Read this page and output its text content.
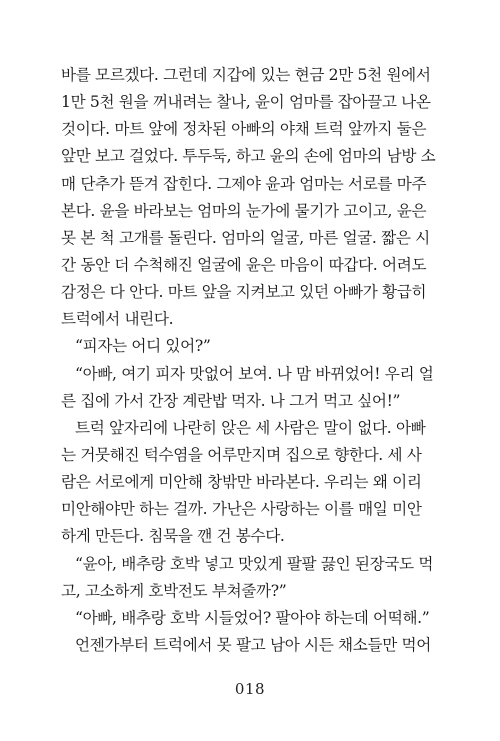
바를 모르겠다. 그런데 지갑에 있는 현금 2만 5천 원에서
1만 5천 원을 꺼내려는 찰나, 윤이 엄마를 잡아끌고 나온
것이다. 마트 앞에 정차된 아빠의 야채 트럭 앞까지 둘은
앞만 보고 걸었다. 투두둑, 하고 윤의 손에 엄마의 남방 소
매 단추가 뜯겨 잡힌다. 그제야 윤과 엄마는 서로를 마주
본다. 윤을 바라보는 엄마의 눈가에 물기가 고이고, 윤은
못 본 척 고개를 돌린다. 엄마의 얼굴, 마른 얼굴. 짧은 시
간 동안 더 수척해진 얼굴에 윤은 마음이 따갑다. 어려도
감정은 다 안다. 마트 앞을 지켜보고 있던 아빠가 황급히
트럭에서 내린다.
“피자는 어디 있어?”
“아빠, 여기 피자 맛없어 보여. 나 맘 바뀌었어! 우리 얼
른 집에 가서 간장 계란밥 먹자. 나 그거 먹고 싶어!”
트럭 앞자리에 나란히 앉은 세 사람은 말이 없다. 아빠
는 거뭇해진 턱수염을 어루만지며 집으로 향한다. 세 사
람은 서로에게 미안해 창밖만 바라본다. 우리는 왜 이리
미안해야만 하는 걸까. 가난은 사랑하는 이를 매일 미안
하게 만든다. 침묵을 깬 건 봉수다.
“윤아, 배추랑 호박 넣고 맛있게 팔팔 끓인 된장국도 먹
고, 고소하게 호박전도 부쳐줄까?”
“아빠, 배추랑 호박 시들었어? 팔아야 하는데 어떡해.”
언젠가부터 트럭에서 못 팔고 남아 시든 채소들만 먹어
018
